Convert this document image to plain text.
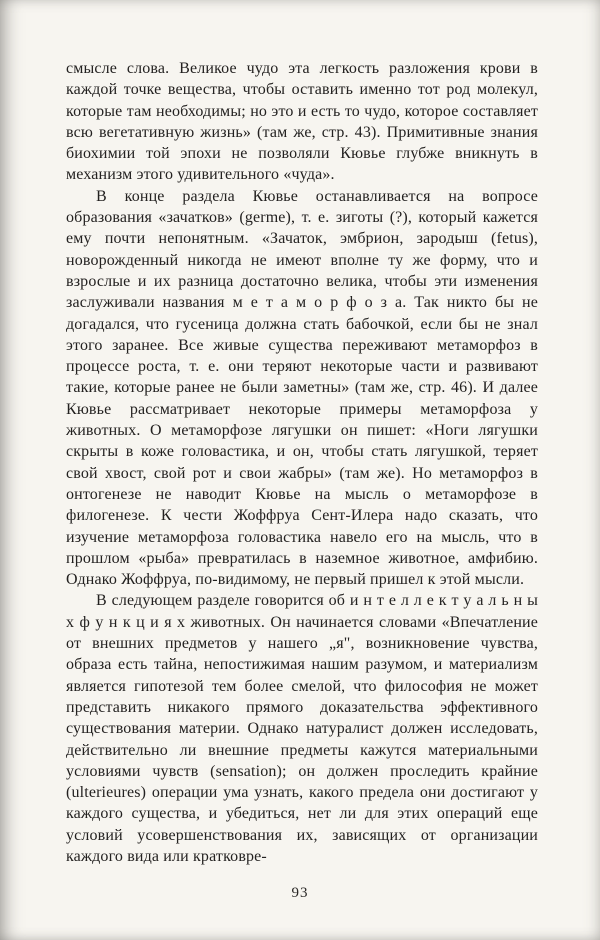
смысле слова. Великое чудо эта легкость разложения крови в каждой точке вещества, чтобы оставить именно тот род молекул, которые там необходимы; но это и есть то чудо, которое составляет всю вегетативную жизнь» (там же, стр. 43). Примитивные знания биохимии той эпохи не позволяли Кювье глубже вникнуть в механизм этого удивительного «чуда».

В конце раздела Кювье останавливается на вопросе образования «зачатков» (germe), т. е. зиготы (?), который кажется ему почти непонятным. «Зачаток, эмбрион, зародыш (fetus), новорожденный никогда не имеют вполне ту же форму, что и взрослые и их разница достаточно велика, чтобы эти изменения заслуживали названия м е т а м о р ф о з а. Так никто бы не догадался, что гусеница должна стать бабочкой, если бы не знал этого заранее. Все живые существа переживают метаморфоз в процессе роста, т. е. они теряют некоторые части и развивают такие, которые ранее не были заметны» (там же, стр. 46). И далее Кювье рассматривает некоторые примеры метаморфоза у животных. О метаморфозе лягушки он пишет: «Ноги лягушки скрыты в коже головастика, и он, чтобы стать лягушкой, теряет свой хвост, свой рот и свои жабры» (там же). Но метаморфоз в онтогенезе не наводит Кювье на мысль о метаморфозе в филогенезе. К чести Жоффруа Сент-Илера надо сказать, что изучение метаморфоза головастика навело его на мысль, что в прошлом «рыба» превратилась в наземное животное, амфибию. Однако Жоффруа, по-видимому, не первый пришел к этой мысли.

В следующем разделе говорится об и н т е л л е к т у а л ь н ы х ф у н к ц и я х животных. Он начинается словами «Впечатление от внешних предметов у нашего „я", возникновение чувства, образа есть тайна, непостижимая нашим разумом, и материализм является гипотезой тем более смелой, что философия не может представить никакого прямого доказательства эффективного существования материи. Однако натуралист должен исследовать, действительно ли внешние предметы кажутся материальными условиями чувств (sensation); он должен проследить крайние (ulterieures) операции ума узнать, какого предела они достигают у каждого существа, и убедиться, нет ли для этих операций еще условий усовершенствования их, зависящих от организации каждого вида или кратковре-

93
